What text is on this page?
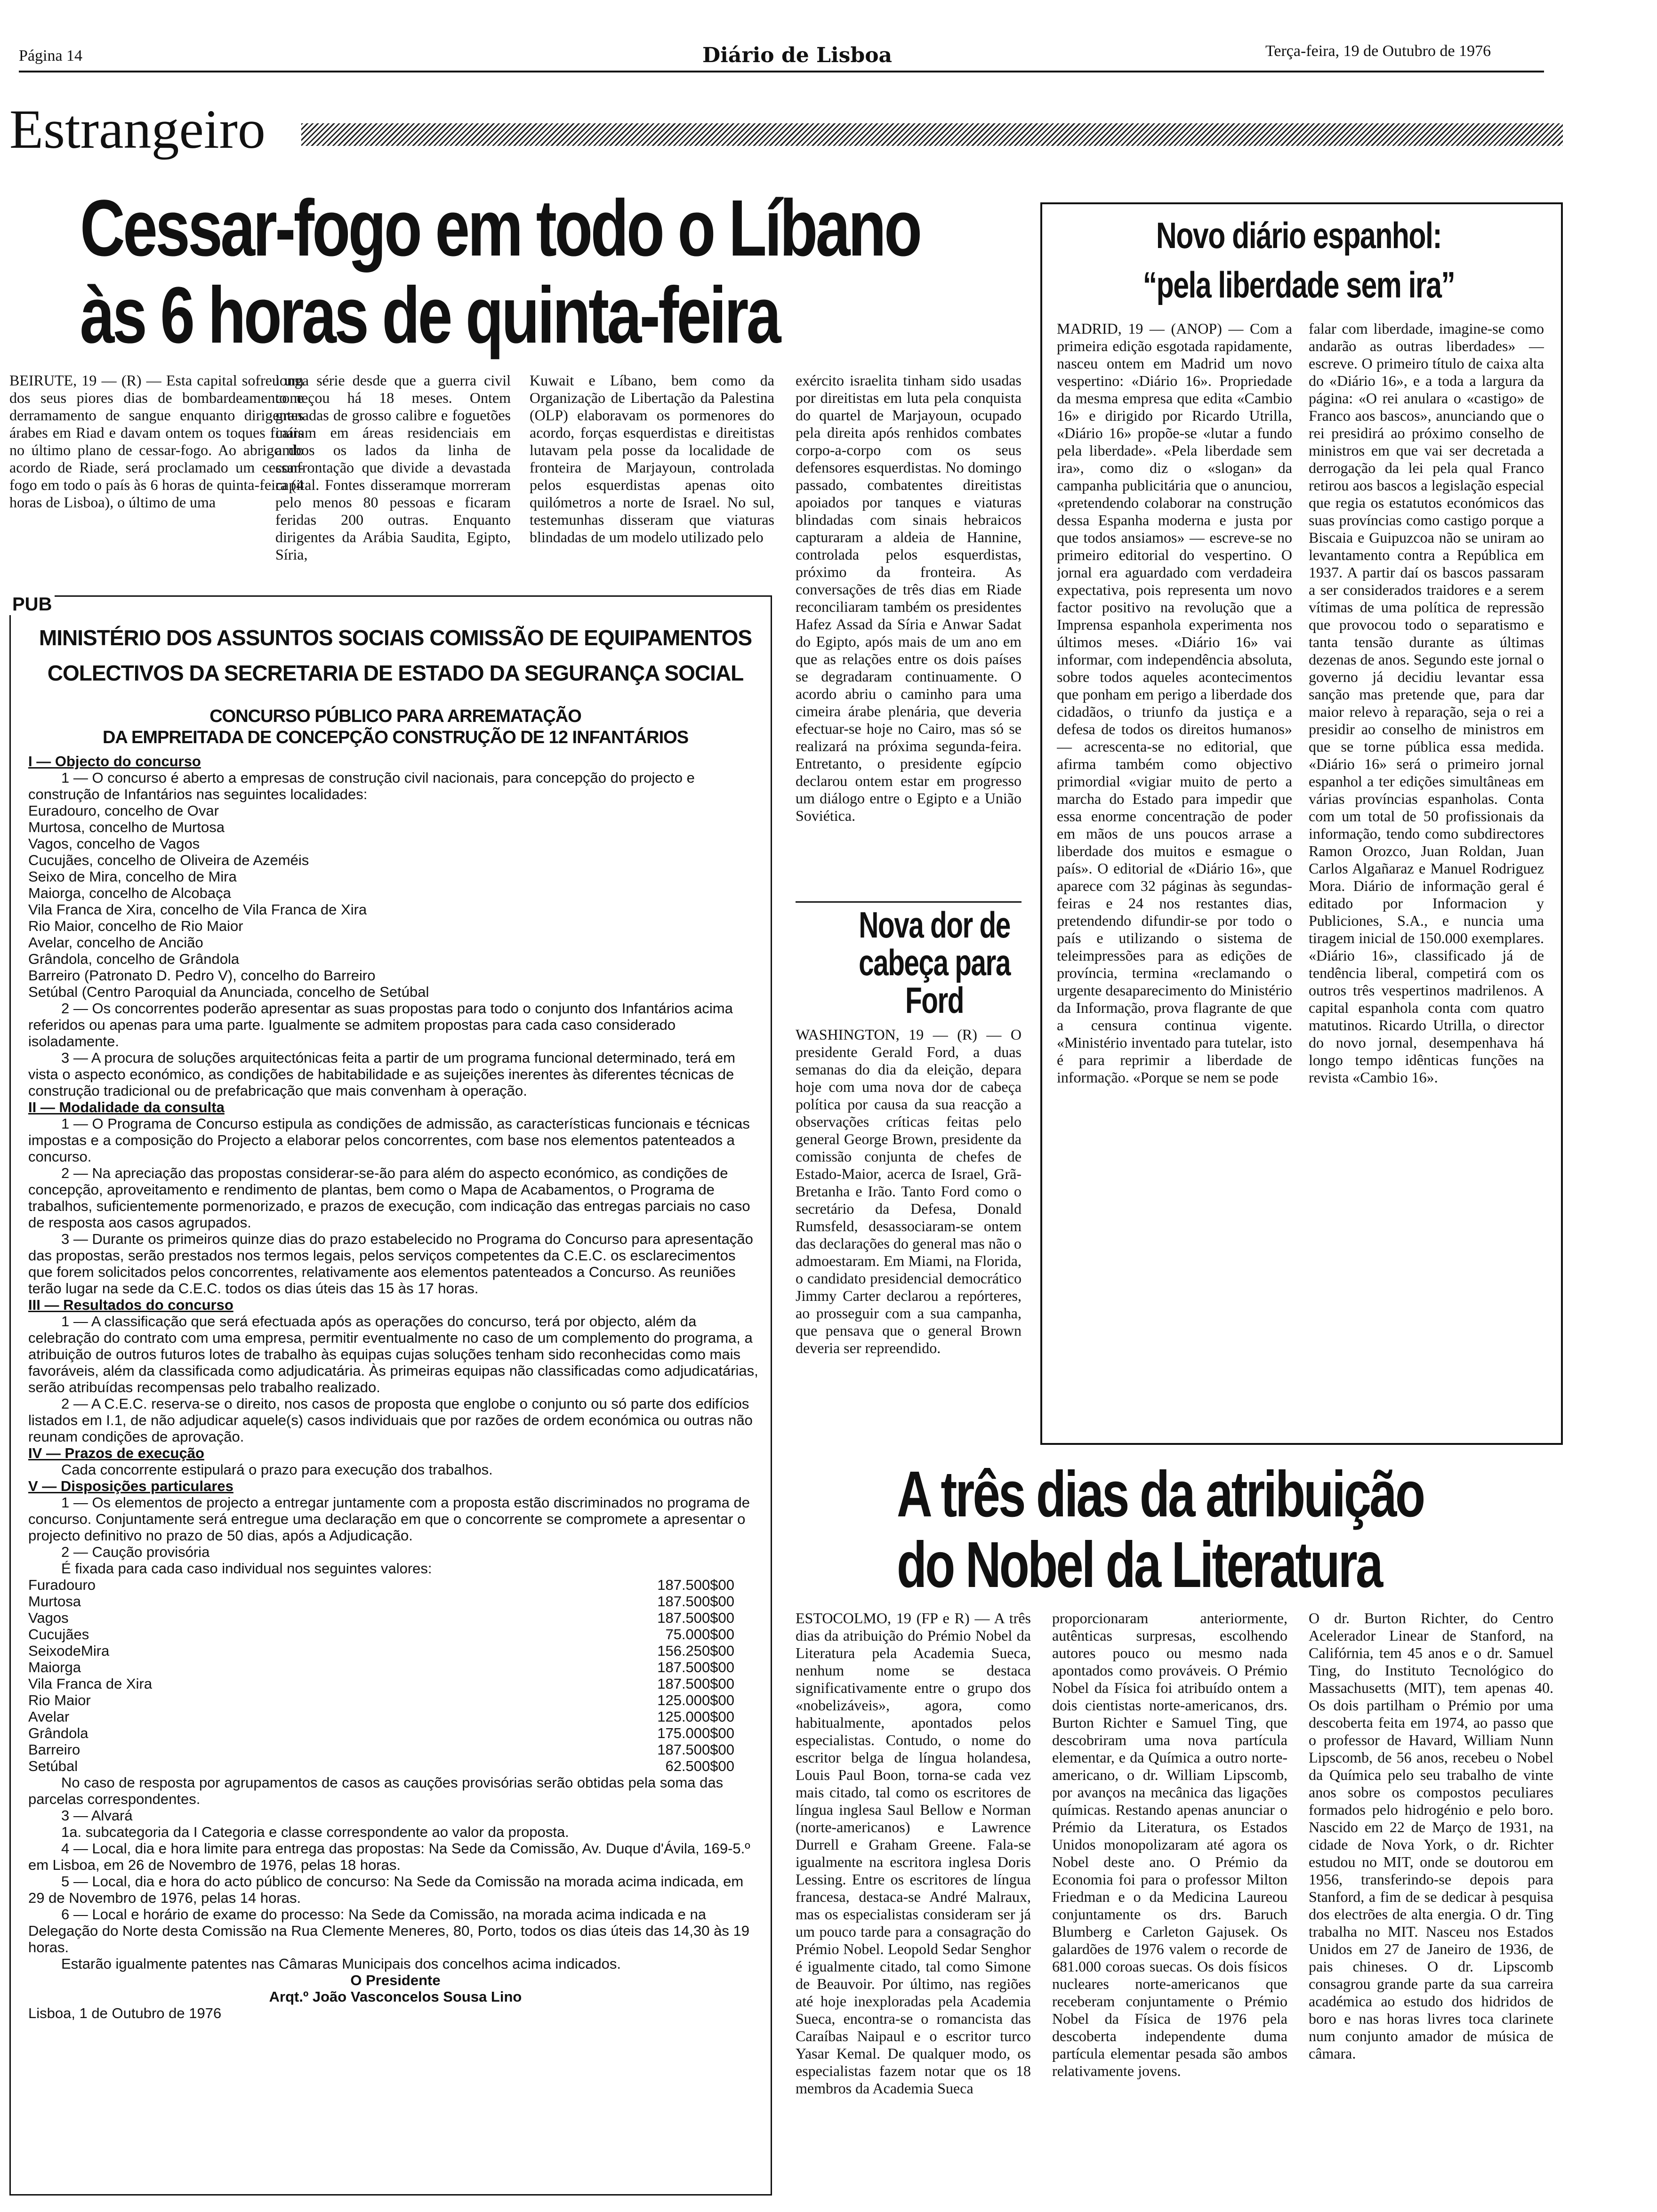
Página 14	Diário de Lisboa	Terça-feira, 19 de Outubro de 1976
Estrangeiro
Cessar-fogo em todo o Líbano
às 6 horas de quinta-feira

BEIRUTE, 19 — (R) — Esta capital sofreu um dos seus piores dias de bombardeamento e derramamento de sangue enquanto dirigentes árabes em Riad e davam ontem os toques finais no último plano de cessar-fogo. Ao abrigo do acordo de Riade, será proclamado um cessar-fogo em todo o país às 6 horas de quinta-feira (4 horas de Lisboa), o último de uma

longa série desde que a guerra civil começou há 18 meses. Ontem granadas de grosso calibre e foguetões caíram em áreas residenciais em ambos os lados da linha de confrontação que divide a devastada capital. Fontes disseramque morreram pelo menos 80 pessoas e ficaram feridas 200 outras. Enquanto dirigentes da Arábia Saudita, Egipto, Síria,

Kuwait e Líbano, bem como da Organização de Libertação da Palestina (OLP) elaboravam os pormenores do acordo, forças esquerdistas e direitistas lutavam pela posse da localidade de fronteira de Marjayoun, controlada pelos esquerdistas apenas oito quilómetros a norte de Israel. No sul, testemunhas disseram que viaturas blindadas de um modelo utilizado pelo

exército israelita tinham sido usadas por direitistas em luta pela conquista do quartel de Marjayoun, ocupado pela direita após renhidos combates corpo-a-corpo com os seus defensores esquerdistas. No domingo passado, combatentes direitistas apoiados por tanques e viaturas blindadas com sinais hebraicos capturaram a aldeia de Hannine, controlada pelos esquerdistas, próximo da fronteira. As conversações de três dias em Riade reconciliaram também os presidentes Hafez Assad da Síria e Anwar Sadat do Egipto, após mais de um ano em que as relações entre os dois países se degradaram continuamente. O acordo abriu o caminho para uma cimeira árabe plenária, que deveria efectuar-se hoje no Cairo, mas só se realizará na próxima segunda-feira. Entretanto, o presidente egípcio declarou ontem estar em progresso um diálogo entre o Egipto e a União Soviética.

PUB
MINISTÉRIO DOS ASSUNTOS SOCIAIS COMISSÃO DE EQUIPAMENTOS
COLECTIVOS DA SECRETARIA DE ESTADO DA SEGURANÇA SOCIAL
CONCURSO PÚBLICO PARA ARREMATAÇÃO
DA EMPREITADA DE CONCEPÇÃO CONSTRUÇÃO DE 12 INFANTÁRIOS

I — Objecto do concurso

1 — O concurso é aberto a empresas de construção civil nacionais, para concepção do projecto e construção de Infantários nas seguintes localidades:

Euradouro, concelho de Ovar

Murtosa, concelho de Murtosa

Vagos, concelho de Vagos

Cucujães, concelho de Oliveira de Azeméis

Seixo de Mira, concelho de Mira

Maiorga, concelho de Alcobaça

Vila Franca de Xira, concelho de Vila Franca de Xira

Rio Maior, concelho de Rio Maior

Avelar, concelho de Ancião

Grândola, concelho de Grândola

Barreiro (Patronato D. Pedro V), concelho do Barreiro

Setúbal (Centro Paroquial da Anunciada, concelho de Setúbal

2 — Os concorrentes poderão apresentar as suas propostas para todo o conjunto dos Infantários acima referidos ou apenas para uma parte. Igualmente se admitem propostas para cada caso considerado isoladamente.

3 — A procura de soluções arquitectónicas feita a partir de um programa funcional determinado, terá em vista o aspecto económico, as condições de habitabilidade e as sujeições inerentes às diferentes técnicas de construção tradicional ou de prefabricação que mais convenham à operação.

II — Modalidade da consulta

1 — O Programa de Concurso estipula as condições de admissão, as características funcionais e técnicas impostas e a composição do Projecto a elaborar pelos concorrentes, com base nos elementos patenteados a concurso.

2 — Na apreciação das propostas considerar-se-ão para além do aspecto económico, as condições de concepção, aproveitamento e rendimento de plantas, bem como o Mapa de Acabamentos, o Programa de trabalhos, suficientemente pormenorizado, e prazos de execução, com indicação das entregas parciais no caso de resposta aos casos agrupados.

3 — Durante os primeiros quinze dias do prazo estabelecido no Programa do Concurso para apresentação das propostas, serão prestados nos termos legais, pelos serviços competentes da C.E.C. os esclarecimentos que forem solicitados pelos concorrentes, relativamente aos elementos patenteados a Concurso. As reuniões terão lugar na sede da C.E.C. todos os dias úteis das 15 às 17 horas.

III — Resultados do concurso

1 — A classificação que será efectuada após as operações do concurso, terá por objecto, além da celebração do contrato com uma empresa, permitir eventualmente no caso de um complemento do programa, a atribuição de outros futuros lotes de trabalho às equipas cujas soluções tenham sido reconhecidas como mais favoráveis, além da classificada como adjudicatária. Às primeiras equipas não classificadas como adjudicatárias, serão atribuídas recompensas pelo trabalho realizado.

2 — A C.E.C. reserva-se o direito, nos casos de proposta que englobe o conjunto ou só parte dos edifícios listados em I.1, de não adjudicar aquele(s) casos individuais que por razões de ordem económica ou outras não reunam condições de aprovação.

IV — Prazos de execução

Cada concorrente estipulará o prazo para execução dos trabalhos.

V — Disposições particulares

1 — Os elementos de projecto a entregar juntamente com a proposta estão discriminados no programa de concurso. Conjuntamente será entregue uma declaração em que o concorrente se compromete a apresentar o projecto definitivo no prazo de 50 dias, após a Adjudicação.

2 — Caução provisória

É fixada para cada caso individual nos seguintes valores:

Furadouro	187.500$00
Murtosa	187.500$00
Vagos	187.500$00
Cucujães	75.000$00
SeixodeMira	156.250$00
Maiorga	187.500$00
Vila Franca de Xira	187.500$00
Rio Maior	125.000$00
Avelar	125.000$00
Grândola	175.000$00
Barreiro	187.500$00
Setúbal	62.500$00

No caso de resposta por agrupamentos de casos as cauções provisórias serão obtidas pela soma das parcelas correspondentes.

3 — Alvará

1a. subcategoria da I Categoria e classe correspondente ao valor da proposta.

4 — Local, dia e hora limite para entrega das propostas: Na Sede da Comissão, Av. Duque d'Ávila, 169-5.º em Lisboa, em 26 de Novembro de 1976, pelas 18 horas.

5 — Local, dia e hora do acto público de concurso: Na Sede da Comissão na morada acima indicada, em 29 de Novembro de 1976, pelas 14 horas.

6 — Local e horário de exame do processo: Na Sede da Comissão, na morada acima indicada e na Delegação do Norte desta Comissão na Rua Clemente Meneres, 80, Porto, todos os dias úteis das 14,30 às 19 horas.

Estarão igualmente patentes nas Câmaras Municipais dos concelhos acima indicados.

O Presidente

Arqt.º João Vasconcelos Sousa Lino

Lisboa, 1 de Outubro de 1976

Nova dor de cabeça para Ford

WASHINGTON, 19 — (R) — O presidente Gerald Ford, a duas semanas do dia da eleição, depara hoje com uma nova dor de cabeça política por causa da sua reacção a observações críticas feitas pelo general George Brown, presidente da comissão conjunta de chefes de Estado-Maior, acerca de Israel, Grã-Bretanha e Irão. Tanto Ford como o secretário da Defesa, Donald Rumsfeld, desassociaram-se ontem das declarações do general mas não o admoestaram. Em Miami, na Florida, o candidato presidencial democrático Jimmy Carter declarou a repórteres, ao prosseguir com a sua campanha, que pensava que o general Brown deveria ser repreendido.

Novo diário espanhol:
“pela liberdade sem ira”

MADRID, 19 — (ANOP) — Com a primeira edição esgotada rapidamente, nasceu ontem em Madrid um novo vespertino: «Diário 16». Propriedade da mesma empresa que edita «Cambio 16» e dirigido por Ricardo Utrilla, «Diário 16» propõe-se «lutar a fundo pela liberdade». «Pela liberdade sem ira», como diz o «slogan» da campanha publicitária que o anunciou, «pretendendo colaborar na construção dessa Espanha moderna e justa por que todos ansiamos» — escreve-se no primeiro editorial do vespertino. O jornal era aguardado com verdadeira expectativa, pois representa um novo factor positivo na revolução que a Imprensa espanhola experimenta nos últimos meses. «Diário 16» vai informar, com independência absoluta, sobre todos aqueles acontecimentos que ponham em perigo a liberdade dos cidadãos, o triunfo da justiça e a defesa de todos os direitos humanos» — acrescenta-se no editorial, que afirma também como objectivo primordial «vigiar muito de perto a marcha do Estado para impedir que essa enorme concentração de poder em mãos de uns poucos arrase a liberdade dos muitos e esmague o país». O editorial de «Diário 16», que aparece com 32 páginas às segundas-feiras e 24 nos restantes dias, pretendendo difundir-se por todo o país e utilizando o sistema de teleimpressões para as edições de província, termina «reclamando o urgente desaparecimento do Ministério da Informação, prova flagrante de que a censura continua vigente. «Ministério inventado para tutelar, isto é para reprimir a liberdade de informação. «Porque se nem se pode

falar com liberdade, imagine-se como andarão as outras liberdades» — escreve. O primeiro título de caixa alta do «Diário 16», e a toda a largura da página: «O rei anulara o «castigo» de Franco aos bascos», anunciando que o rei presidirá ao próximo conselho de ministros em que vai ser decretada a derrogação da lei pela qual Franco retirou aos bascos a legislação especial que regia os estatutos económicos das suas províncias como castigo porque a Biscaia e Guipuzcoa não se uniram ao levantamento contra a República em 1937. A partir daí os bascos passaram a ser considerados traidores e a serem vítimas de uma política de repressão que provocou todo o separatismo e tanta tensão durante as últimas dezenas de anos. Segundo este jornal o governo já decidiu levantar essa sanção mas pretende que, para dar maior relevo à reparação, seja o rei a presidir ao conselho de ministros em que se torne pública essa medida. «Diário 16» será o primeiro jornal espanhol a ter edições simultâneas em várias províncias espanholas. Conta com um total de 50 profissionais da informação, tendo como subdirectores Ramon Orozco, Juan Roldan, Juan Carlos Algañaraz e Manuel Rodriguez Mora. Diário de informação geral é editado por Informacion y Publiciones, S.A., e nuncia uma tiragem inicial de 150.000 exemplares. «Diário 16», classificado já de tendência liberal, competirá com os outros três vespertinos madrilenos. A capital espanhola conta com quatro matutinos. Ricardo Utrilla, o director do novo jornal, desempenhava há longo tempo idênticas funções na revista «Cambio 16».

A três dias da atribuição
do Nobel da Literatura

ESTOCOLMO, 19 (FP e R) — A três dias da atribuição do Prémio Nobel da Literatura pela Academia Sueca, nenhum nome se destaca significativamente entre o grupo dos «nobelizáveis», agora, como habitualmente, apontados pelos especialistas. Contudo, o nome do escritor belga de língua holandesa, Louis Paul Boon, torna-se cada vez mais citado, tal como os escritores de língua inglesa Saul Bellow e Norman (norte-americanos) e Lawrence Durrell e Graham Greene. Fala-se igualmente na escritora inglesa Doris Lessing. Entre os escritores de língua francesa, destaca-se André Malraux, mas os especialistas consideram ser já um pouco tarde para a consagração do Prémio Nobel. Leopold Sedar Senghor é igualmente citado, tal como Simone de Beauvoir. Por último, nas regiões até hoje inexploradas pela Academia Sueca, encontra-se o romancista das Caraíbas Naipaul e o escritor turco Yasar Kemal. De qualquer modo, os especialistas fazem notar que os 18 membros da Academia Sueca

proporcionaram anteriormente, autênticas surpresas, escolhendo autores pouco ou mesmo nada apontados como prováveis. O Prémio Nobel da Física foi atribuído ontem a dois cientistas norte-americanos, drs. Burton Richter e Samuel Ting, que descobriram uma nova partícula elementar, e da Química a outro norte-americano, o dr. William Lipscomb, por avanços na mecânica das ligações químicas. Restando apenas anunciar o Prémio da Literatura, os Estados Unidos monopolizaram até agora os Nobel deste ano. O Prémio da Economia foi para o professor Milton Friedman e o da Medicina Laureou conjuntamente os drs. Baruch Blumberg e Carleton Gajusek. Os galardões de 1976 valem o recorde de 681.000 coroas suecas. Os dois físicos nucleares norte-americanos que receberam conjuntamente o Prémio Nobel da Física de 1976 pela descoberta independente duma partícula elementar pesada são ambos relativamente jovens.

O dr. Burton Richter, do Centro Acelerador Linear de Stanford, na Califórnia, tem 45 anos e o dr. Samuel Ting, do Instituto Tecnológico do Massachusetts (MIT), tem apenas 40. Os dois partilham o Prémio por uma descoberta feita em 1974, ao passo que o professor de Havard, William Nunn Lipscomb, de 56 anos, recebeu o Nobel da Química pelo seu trabalho de vinte anos sobre os compostos peculiares formados pelo hidrogénio e pelo boro. Nascido em 22 de Março de 1931, na cidade de Nova York, o dr. Richter estudou no MIT, onde se doutorou em 1956, transferindo-se depois para Stanford, a fim de se dedicar à pesquisa dos electrões de alta energia. O dr. Ting trabalha no MIT. Nasceu nos Estados Unidos em 27 de Janeiro de 1936, de pais chineses. O dr. Lipscomb consagrou grande parte da sua carreira académica ao estudo dos hidridos de boro e nas horas livres toca clarinete num conjunto amador de música de câmara.
